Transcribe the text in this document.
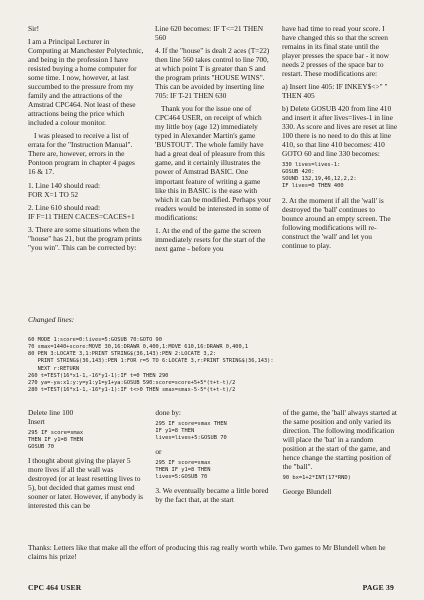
Sir!

I am a Principal Lecturer in Computing at Manchester Polytechnic, and being in the profession I have resisted buying a home computer for some time. I now, however, at last succumbed to the pressure from my family and the attractions of the Amstrad CPC464. Not least of these attractions being the price which included a colour monitor.

I was pleased to receive a list of errata for the "Instruction Manual". There are, however, errors in the Pontoon program in chapter 4 pages 16 & 17.

1. Line 140 should read:
FOR X=1 TO 52

2. Line 610 should read:
IF F=11 THEN CACES=CACES+1

3. There are some situations when the "house" has 21, but the program prints "you win". This can be corrected by:

Line 620 becomes: IF T<=21 THEN 560

4. If the "house" is dealt 2 aces (T=22) then line 560 takes control to line 700, at which point T is greater than S and the program prints "HOUSE WINS". This can be avoided by inserting line 705: IF T-21 THEN 630

Thank you for the issue one of CPC464 USER, on receipt of which my little boy (age 12) immediately typed in Alexander Martin's game 'BUSTOUT'. The whole family have had a great deal of pleasure from this game, and it certainly illustrates the power of Amstrad BASIC. One important feature of writing a game like this in BASIC is the ease with which it can be modified. Perhaps your readers would be interested in some of modifications:

1. At the end of the game the screen immediately resets for the start of the next game - before you

have had time to read your score. I have changed this so that the screen remains in its final state until the player presses the space bar - it now needs 2 presses of the space bar to restart. These modifications are:

a) Insert line 405: IF INKEY$<>" " THEN 405

b) Delete GOSUB 420 from line 410 and insert it after lives=lives-1 in line 330. As score and lives are reset at line 100 there is no need to do this at line 410, so that line 410 becomes: 410 GOTO 60 and line 330 becomes:

330 lives=lives-1:
GOSUB 420:
SOUND 132,19,46,12,2,2:
IF lives=0 THEN 400

2. At the moment if all the 'wall' is destroyed the 'ball' continues to bounce around an empty screen. The following modifications will re-construct the 'wall' and let you continue to play.

Changed lines:
60 MODE 1:score=0:lives=5:GOSUB 70:GOTO 90
70 smax=1440+score:MOVE 30,16:DRAWR 0,400,1:MOVE 610,16:DRAWR 0,400,1
80 PEN 3:LOCATE 3,1:PRINT STRING$(36,143):PEN 2:LOCATE 3,2:
PRINT STRING$(36,143):PEN 1:FOR r=5 TO 6:LOCATE 3,r:PRINT STRING$(36,143):
NEXT r:RETURN
260 t=TEST(16*x1-1,-16*y1-1):IF t=0 THEN 290
270 ya=-ya:x1:y:y=y1:y1=y1+ya:GOSUB 590:score=score+5+5*(t+t-t)/2
280 t=TEST(16*x1-1,-16*y1-1):IF t<>0 THEN smax=smax-5-5*(t+t-t)/2

Delete line 100
Insert

295 IF score=smax
THEN IF y1=8 THEN
GOSUB 70

I thought about giving the player 5 more lives if all the wall was destroyed (or at least resetting lives to 5), but decided that games must end sooner or later. However, if anybody is interested this can be

done by:

295 IF score=smax THEN
IF y1=8 THEN
lives=lives+5:GOSUB 70

or

295 IF score=smax
THEN IF y1=8 THEN
lives=5:GOSUB 70

3. We eventually became a little bored by the fact that, at the start

of the game, the 'ball' always started at the same position and only varied its direction. The following modification will place the 'bat' in a random position at the start of the game, and hence change the starting position of the "ball".

90 bx=1+2*INT(17*RND)

George Blundell

Thanks: Letters like that make all the effort of producing this rag really worth while. Two games to Mr Blundell when he claims his prize!

CPC 464 USER	PAGE 39
